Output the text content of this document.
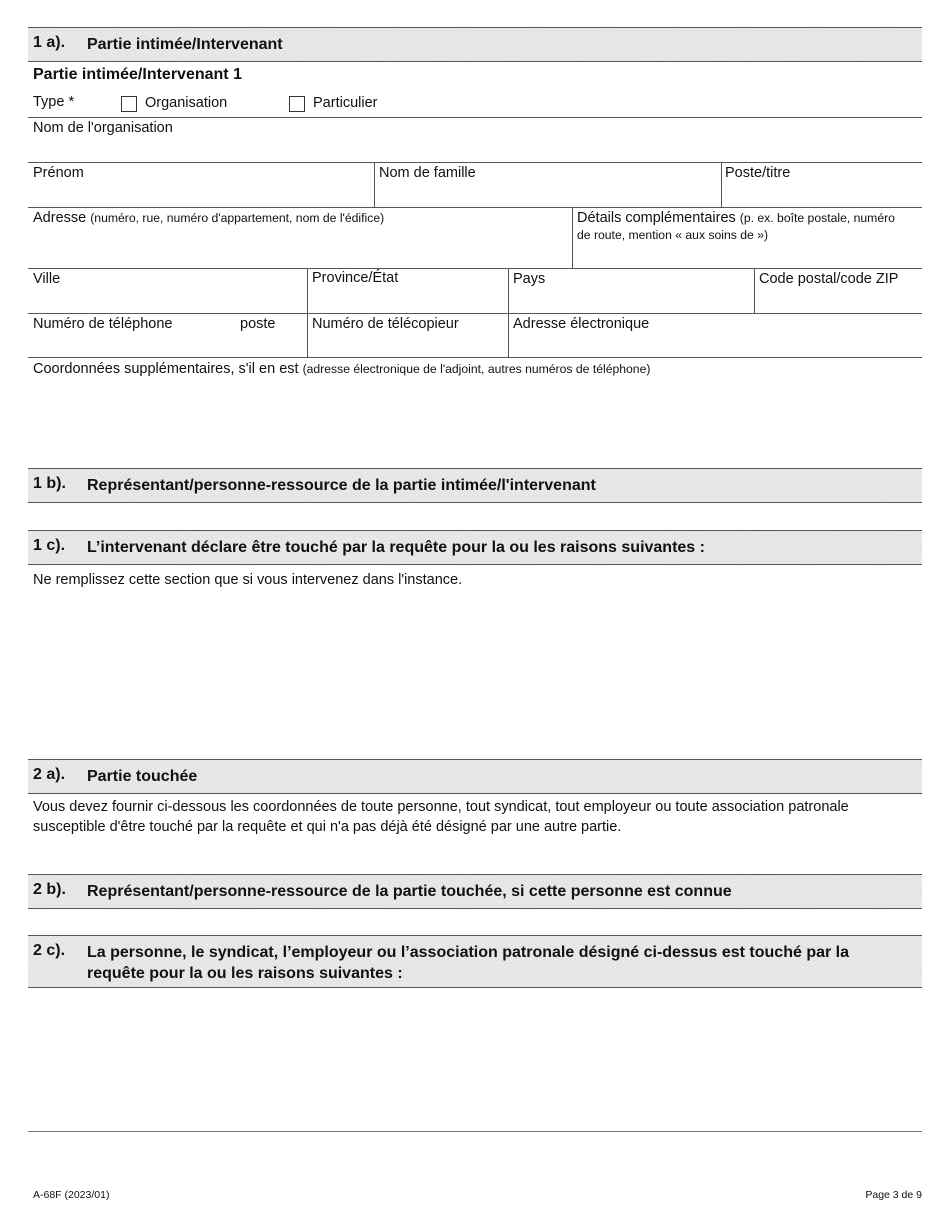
1 a). Partie intimée/Intervenant
Partie intimée/Intervenant 1
Type *	Organisation	Particulier
Nom de l'organisation
Prénom	Nom de famille	Poste/titre
Adresse (numéro, rue, numéro d'appartement, nom de l'édifice)	Détails complémentaires (p. ex. boîte postale, numéro
de route, mention « aux soins de »)
Ville	Province/État	Pays	Code postal/code ZIP
Numéro de téléphone	poste	Numéro de télécopieur	Adresse électronique
Coordonnées supplémentaires, s'il en est (adresse électronique de l'adjoint, autres numéros de téléphone)
1 b). Représentant/personne-ressource de la partie intimée/l'intervenant
1 c). L’intervenant déclare être touché par la requête pour la ou les raisons suivantes :
Ne remplissez cette section que si vous intervenez dans l'instance.
2 a). Partie touchée
Vous devez fournir ci-dessous les coordonnées de toute personne, tout syndicat, tout employeur ou toute association patronale susceptible d'être touché par la requête et qui n'a pas déjà été désigné par une autre partie.
2 b). Représentant/personne-ressource de la partie touchée, si cette personne est connue
2 c). La personne, le syndicat, l’employeur ou l’association patronale désigné ci-dessus est touché par la requête pour la ou les raisons suivantes :
A-68F (2023/01)	Page 3 de 9
